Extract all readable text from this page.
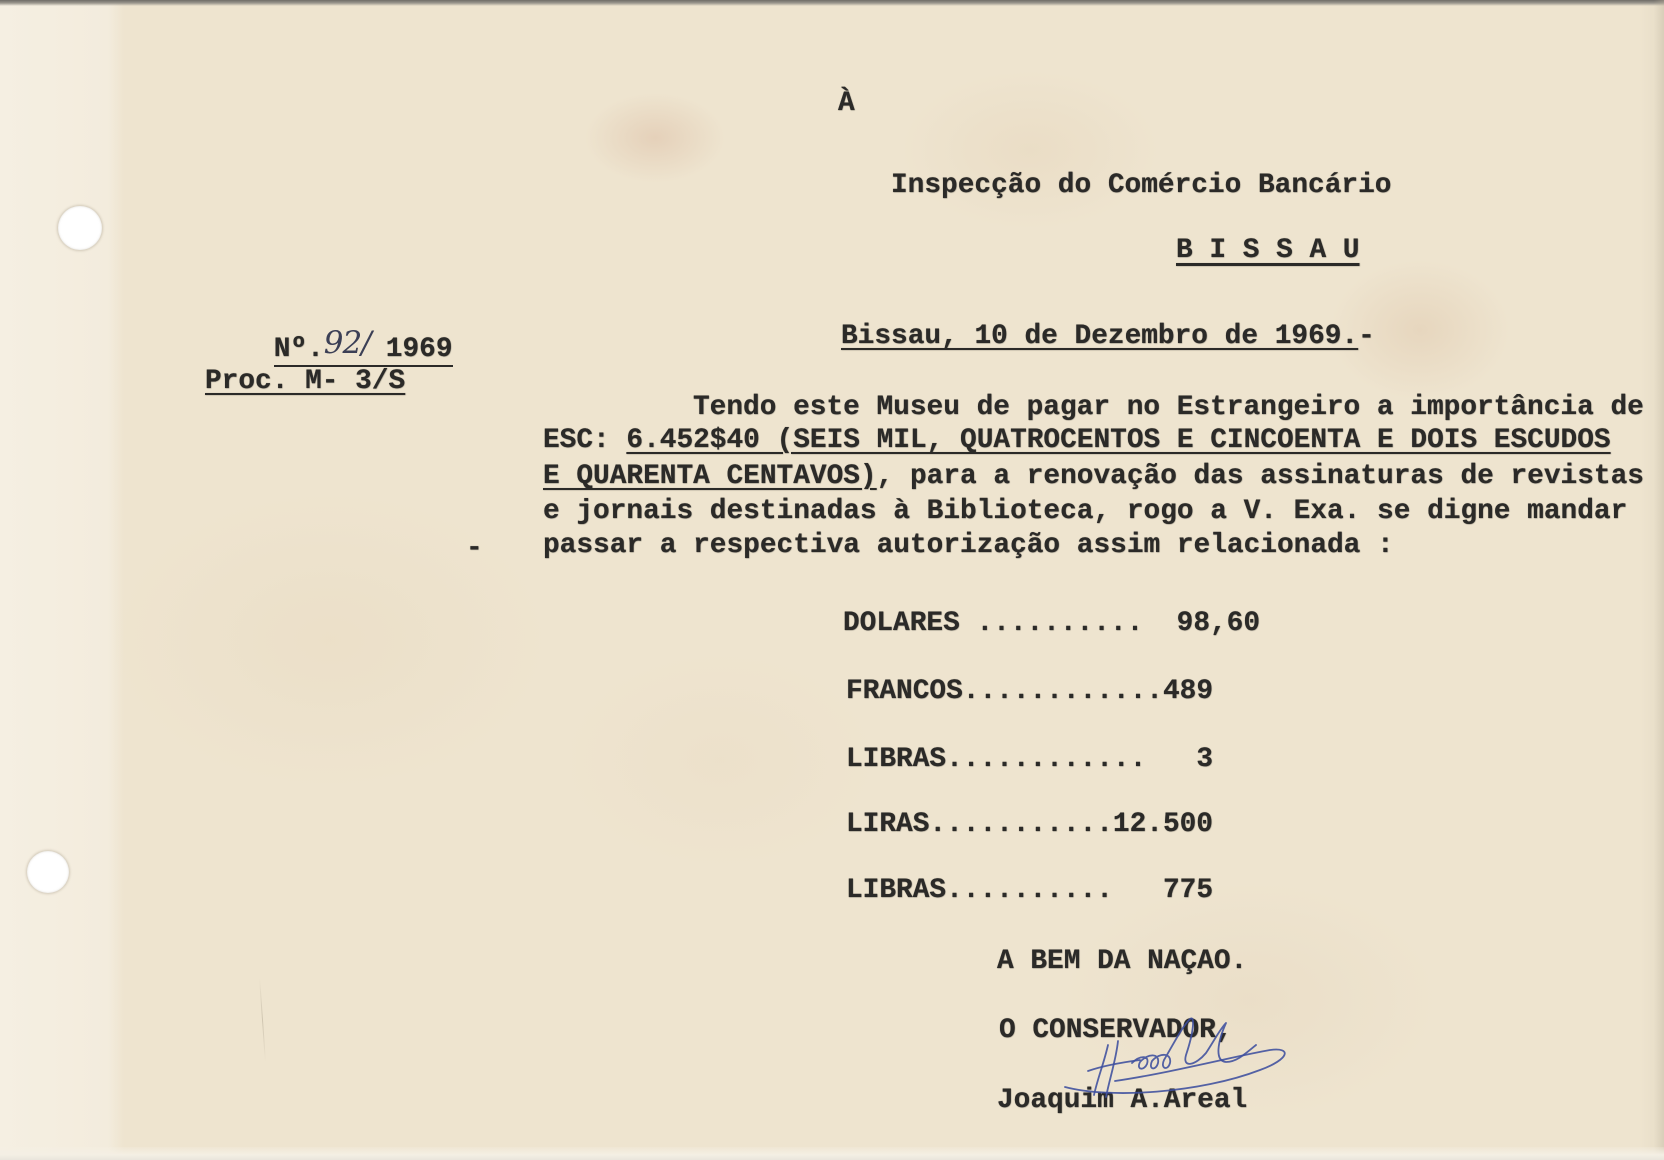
À
Inspecção do Comércio Bancário
B I S S A U

Nº.92/ 1969

Proc. M- 3/S
Bissau, 10 de Dezembro de 1969.-
Tendo este Museu de pagar no Estrangeiro a importância de
ESC: 6.452$40 (SEIS MIL, QUATROCENTOS E CINCOENTA E DOIS ESCUDOS
E QUARENTA CENTAVOS), para a renovação das assinaturas de revistas
e jornais destinadas à Biblioteca, rogo a V. Exa. se digne mandar
passar a respectiva autorização assim relacionada :
-
DOLARES ..........  98,60
FRANCOS............489
LIBRAS............   3
LIRAS...........12.500
LIBRAS..........   775
A BEM DA NAÇAO.
O CONSERVADOR,
Joaquim A.Areal
